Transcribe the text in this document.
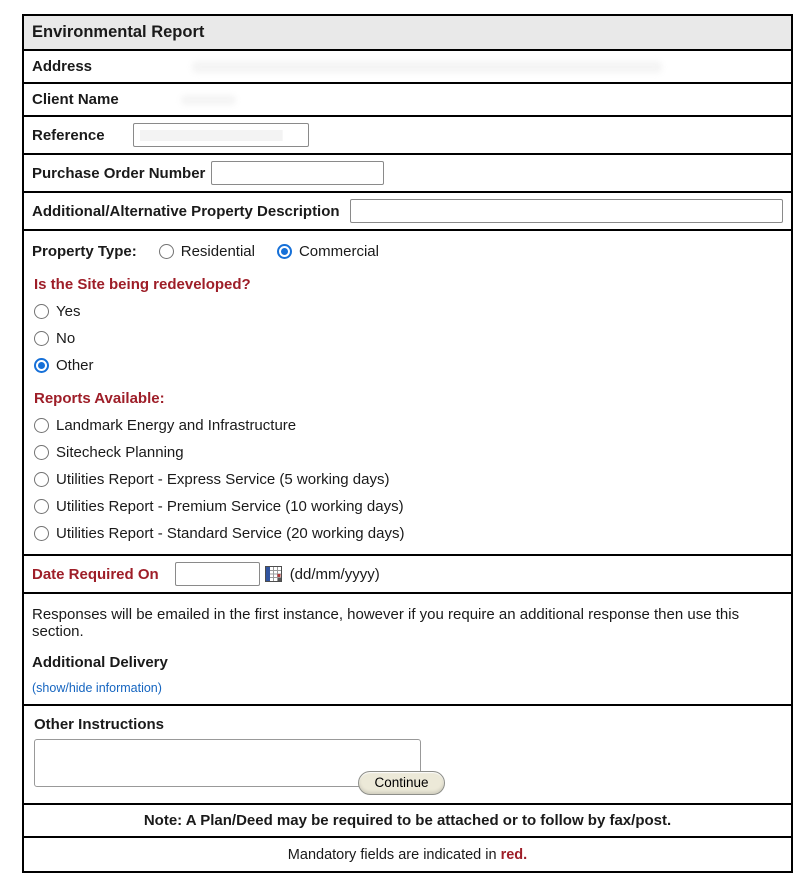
Environmental Report
Address
Client Name
Reference
Purchase Order Number
Additional/Alternative Property Description
Property Type:	Residential	Commercial
Is the Site being redeveloped?
Yes
No
Other
Reports Available:
Landmark Energy and Infrastructure
Sitecheck Planning
Utilities Report - Express Service (5 working days)
Utilities Report - Premium Service (10 working days)
Utilities Report - Standard Service (20 working days)
Date Required On	(dd/mm/yyyy)
Responses will be emailed in the first instance, however if you require an additional response then use this section.
Additional Delivery
(show/hide information)
Other Instructions
Note: A Plan/Deed may be required to be attached or to follow by fax/post.
Mandatory fields are indicated in red.
Continue
